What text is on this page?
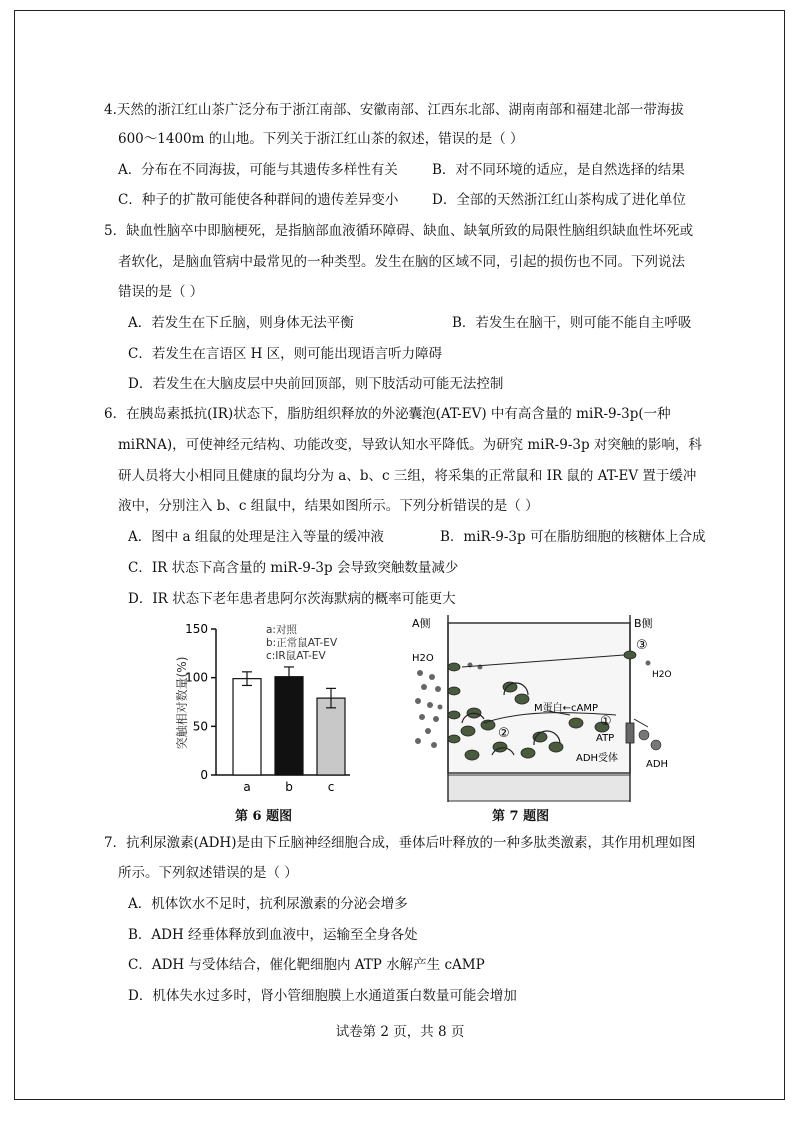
4.天然的浙江红山茶广泛分布于浙江南部、安徽南部、江西东北部、湖南南部和福建北部一带海拔
600～1400m 的山地。下列关于浙江红山茶的叙述，错误的是（ ）
A．分布在不同海拔，可能与其遗传多样性有关	B．对不同环境的适应，是自然选择的结果
C．种子的扩散可能使各种群间的遗传差异变小 D．全部的天然浙江红山茶构成了进化单位
5．缺血性脑卒中即脑梗死，是指脑部血液循环障碍、缺血、缺氧所致的局限性脑组织缺血性坏死或
者软化，是脑血管病中最常见的一种类型。发生在脑的区域不同，引起的损伤也不同。下列说法
错误的是（ ）
A．若发生在下丘脑，则身体无法平衡	B．若发生在脑干，则可能不能自主呼吸
C．若发生在言语区 H 区，则可能出现语言听力障碍
D．若发生在大脑皮层中央前回顶部，则下肢活动可能无法控制
6．在胰岛素抵抗(IR)状态下，脂肪组织释放的外泌囊泡(AT-EV) 中有高含量的 miR-9-3p(一种
miRNA)，可使神经元结构、功能改变，导致认知水平降低。为研究 miR-9-3p 对突触的影响，科
研人员将大小相同且健康的鼠均分为 a、b、c 三组，将采集的正常鼠和 IR 鼠的 AT-EV 置于缓冲
液中，分别注入 b、c 组鼠中，结果如图所示。下列分析错误的是（ ）
A．图中 a 组鼠的处理是注入等量的缓冲液	B．miR-9-3p 可在脂肪细胞的核糖体上合成
C．IR 状态下高含量的 miR-9-3p 会导致突触数量减少
D．IR 状态下老年患者患阿尔茨海默病的概率可能更大
突触相对数量(%)
0
50
100
150
a	b	c
a:对照
b:正常鼠AT-EV
c:IR鼠AT-EV
A侧	B侧
H2O
H2O
M蛋白←cAMP
①
②
③
ATP
ADH受体
ADH
第 6 题图	第 7 题图
7．抗利尿激素(ADH)是由下丘脑神经细胞合成，垂体后叶释放的一种多肽类激素，其作用机理如图
所示。下列叙述错误的是（ ）
A．机体饮水不足时，抗利尿激素的分泌会增多
B．ADH 经垂体释放到血液中，运输至全身各处
C．ADH 与受体结合，催化靶细胞内 ATP 水解产生 cAMP
D．机体失水过多时，肾小管细胞膜上水通道蛋白数量可能会增加
试卷第 2 页，共 8 页
